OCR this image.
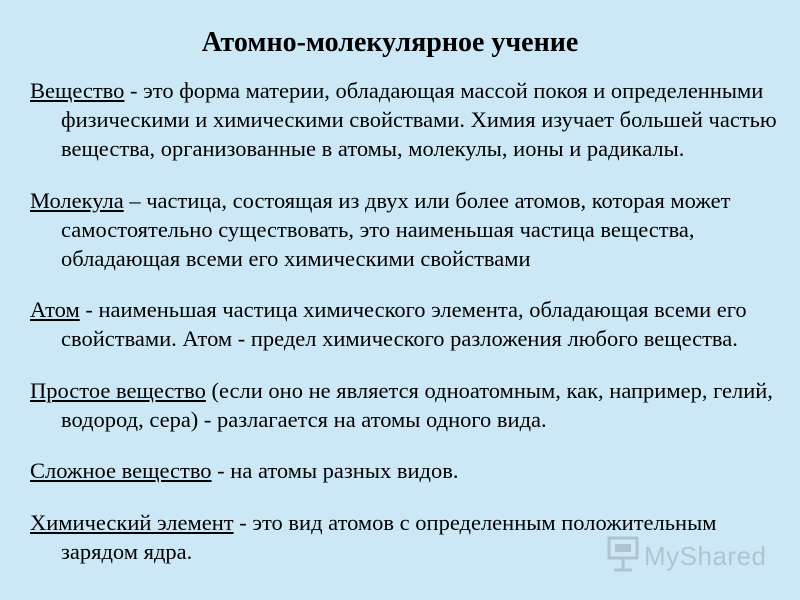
Атомно-молекулярное учение

Вещество - это форма материи, обладающая массой покоя и определенными физическими и химическими свойствами. Химия изучает большей частью вещества, организованные в атомы, молекулы, ионы и радикалы.

Молекула – частица, состоящая из двух или более атомов, которая может самостоятельно существовать, это наименьшая частица вещества, обладающая всеми его химическими свойствами

Атом - наименьшая частица химического элемента, обладающая всеми его свойствами. Атом - предел химического разложения любого вещества.

Простое вещество (если оно не является одноатомным, как, например, гелий, водород, сера) - разлагается на атомы одного вида.

Сложное вещество - на атомы разных видов.

Химический элемент - это вид атомов с определенным положительным зарядом ядра.	MyShared
